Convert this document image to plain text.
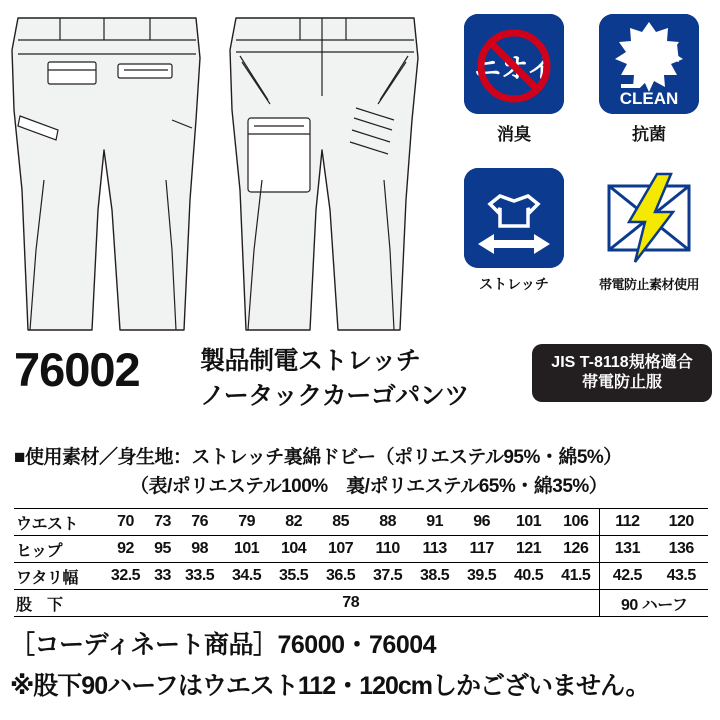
ニオイ
消臭
CLEAN
抗菌
ストレッチ	帯電防止素材使用
76002 製品制電ストレッチ
ノータックカーゴパンツ
JIS T-8118規格適合
帯電防止服
■使用素材／身生地：ストレッチ裏綿ドビー（ポリエステル95%・綿5%）
（表/ポリエステル100%　裏/ポリエステル65%・綿35%）
ウエスト	70	73	76	79	82	85	88	91	96	101	106	112	120
ヒップ	92	95	98	101	104	107	110	113	117	121	126	131	136
ワタリ幅	32.5	33	33.5	34.5	35.5	36.5	37.5	38.5	39.5	40.5	41.5	42.5	43.5
股　下	78											90 ハーフ	
［コーディネート商品］76000・76004
※股下90ハーフはウエスト112・120cmしかございません。
